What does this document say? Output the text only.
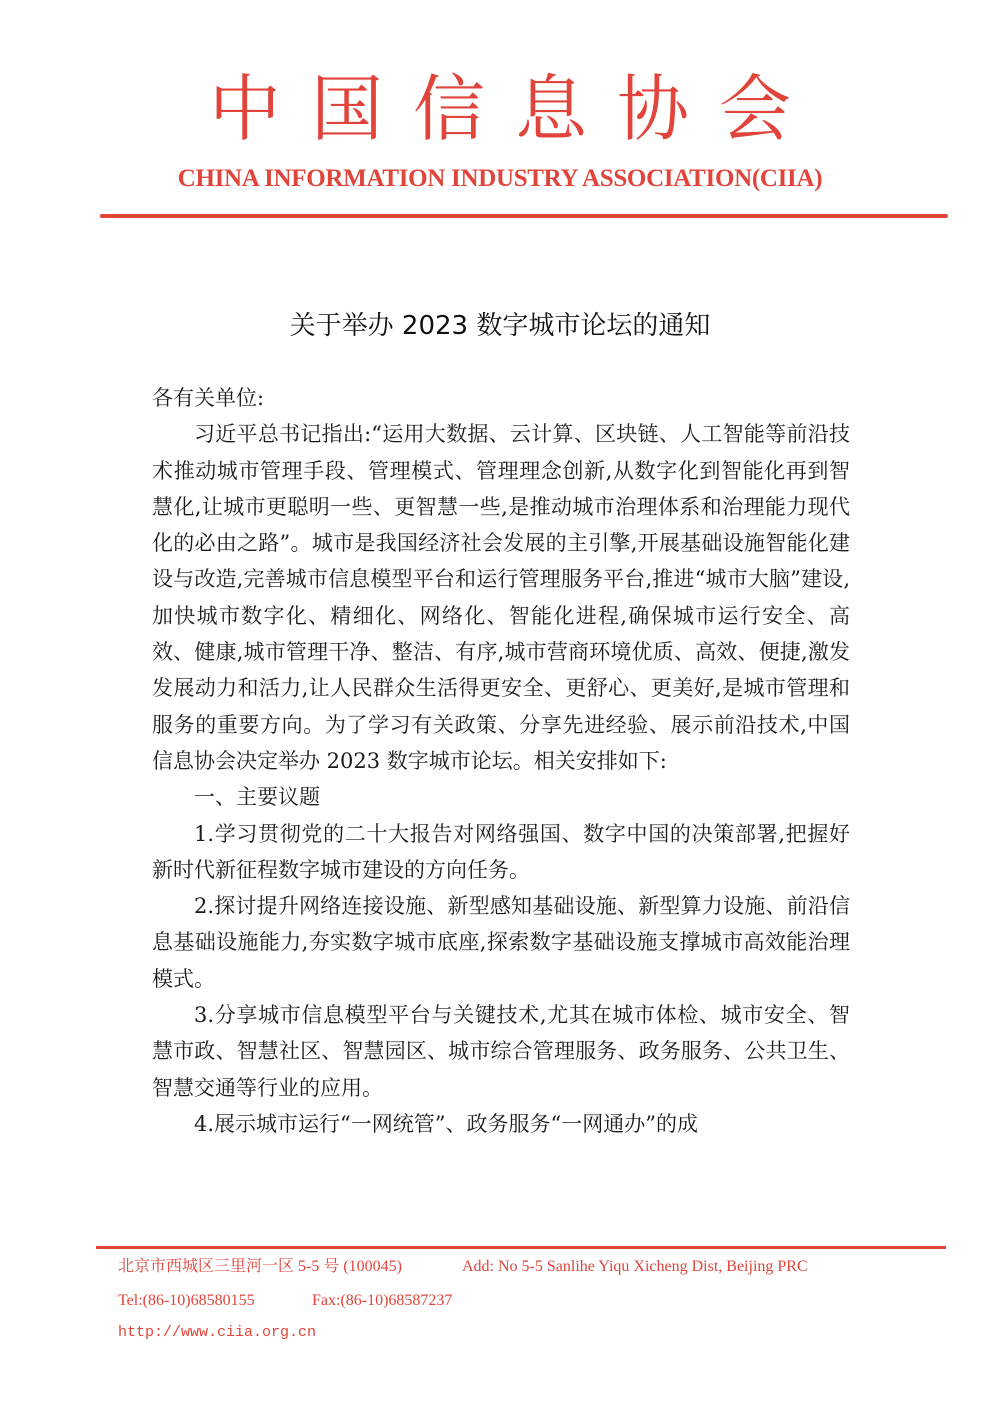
中国信息协会
CHINA INFORMATION INDUSTRY ASSOCIATION(CIIA)
关于举办 2023 数字城市论坛的通知

各有关单位:

习近平总书记指出:“运用大数据、云计算、区块链、人工智能等前沿技术推动城市管理手段、管理模式、管理理念创新,从数字化到智能化再到智慧化,让城市更聪明一些、更智慧一些,是推动城市治理体系和治理能力现代化的必由之路”。城市是我国经济社会发展的主引擎,开展基础设施智能化建设与改造,完善城市信息模型平台和运行管理服务平台,推进“城市大脑”建设,加快城市数字化、精细化、网络化、智能化进程,确保城市运行安全、高效、健康,城市管理干净、整洁、有序,城市营商环境优质、高效、便捷,激发发展动力和活力,让人民群众生活得更安全、更舒心、更美好,是城市管理和服务的重要方向。为了学习有关政策、分享先进经验、展示前沿技术,中国信息协会决定举办 2023 数字城市论坛。相关安排如下:

一、主要议题

1.学习贯彻党的二十大报告对网络强国、数字中国的决策部署,把握好新时代新征程数字城市建设的方向任务。

2.探讨提升网络连接设施、新型感知基础设施、新型算力设施、前沿信息基础设施能力,夯实数字城市底座,探索数字基础设施支撑城市高效能治理模式。

3.分享城市信息模型平台与关键技术,尤其在城市体检、城市安全、智慧市政、智慧社区、智慧园区、城市综合管理服务、政务服务、公共卫生、智慧交通等行业的应用。

4.展示城市运行“一网统管”、政务服务“一网通办”的成

北京市西城区三里河一区 5-5 号 (100045)	Add: No 5-5 Sanlihe Yiqu Xicheng Dist, Beijing PRC
Tel:(86-10)68580155	Fax:(86-10)68587237
http://www.ciia.org.cn
